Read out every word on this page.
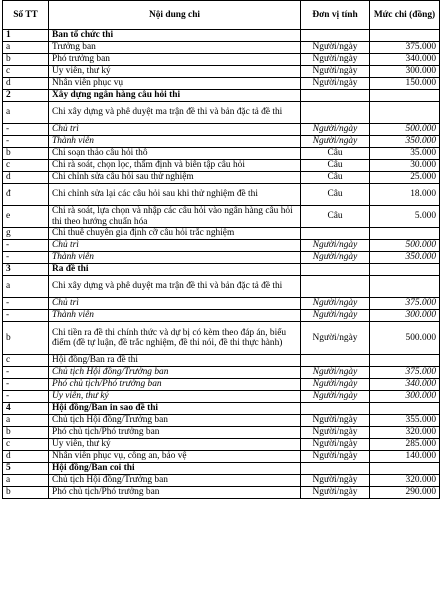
Số TT	Nội dung chi	Đơn vị tính	Mức chi (đồng)
1	Ban tổ chức thi		
a	Trưởng ban	Người/ngày	375.000
b	Phó trưởng ban	Người/ngày	340.000
c	Ủy viên, thư ký	Người/ngày	300.000
d	Nhân viên phục vụ	Người/ngày	150.000
2	Xây dựng ngân hàng câu hỏi thi		
a	Chi xây dựng và phê duyệt ma trận đề thi và bản đặc tả đề thi		
-	Chủ trì	Người/ngày	500.000
-	Thành viên	Người/ngày	350.000
b	Chi soạn thảo câu hỏi thô	Câu	35.000
c	Chi rà soát, chọn lọc, thẩm định và biên tập câu hỏi	Câu	30.000
d	Chi chỉnh sửa câu hỏi sau thử nghiệm	Câu	25.000
đ	Chi chỉnh sửa lại các câu hỏi sau khi thử nghiệm đề thi	Câu	18.000
e	Chi rà soát, lựa chọn và nhập các câu hỏi vào ngân hàng câu hỏi thi theo hướng chuẩn hóa	Câu	5.000
g	Chi thuê chuyên gia định cỡ câu hỏi trắc nghiệm		
-	Chủ trì	Người/ngày	500.000
-	Thành viên	Người/ngày	350.000
3	Ra đề thi		
a	Chi xây dựng và phê duyệt ma trận đề thi và bản đặc tả đề thi		
-	Chủ trì	Người/ngày	375.000
-	Thành viên	Người/ngày	300.000
b	Chi tiền ra đề thi chính thức và dự bị có kèm theo đáp án, biểu điểm (đề tự luận, đề trắc nghiệm, đề thi nói, đề thi thực hành)	Người/ngày	500.000
c	Hội đồng/Ban ra đề thi		
-	Chủ tịch Hội đồng/Trưởng ban	Người/ngày	375.000
-	Phó chủ tịch/Phó trưởng ban	Người/ngày	340.000
-	Ủy viên, thư ký	Người/ngày	300.000
4	Hội đồng/Ban in sao đề thi		
a	Chủ tịch Hội đồng/Trưởng ban	Người/ngày	355.000
b	Phó chủ tịch/Phó trưởng ban	Người/ngày	320.000
c	Ủy viên, thư ký	Người/ngày	285.000
d	Nhân viên phục vụ, công an, bảo vệ	Người/ngày	140.000
5	Hội đồng/Ban coi thi		
a	Chủ tịch Hội đồng/Trưởng ban	Người/ngày	320.000
b	Phó chủ tịch/Phó trưởng ban	Người/ngày	290.000
